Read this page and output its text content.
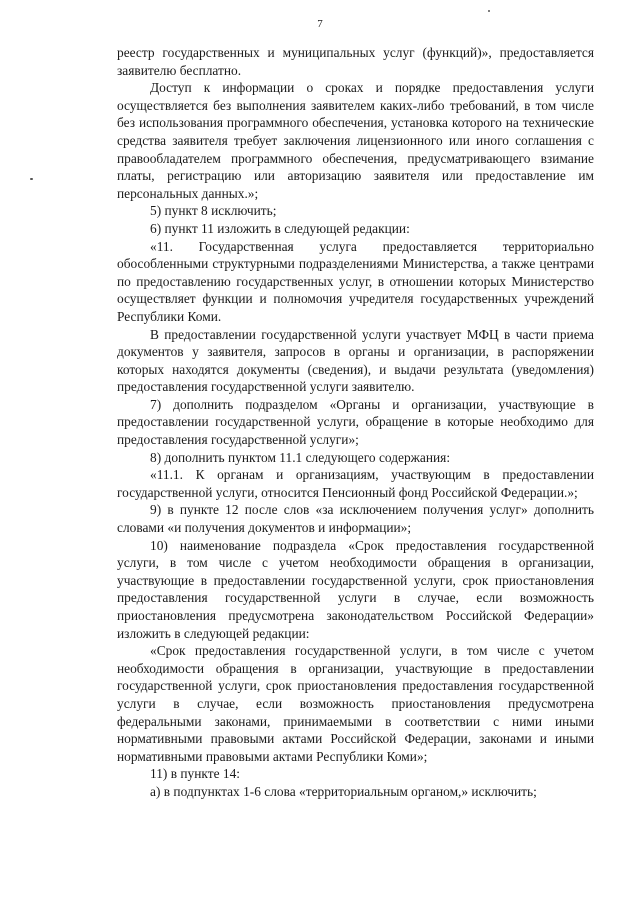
7

реестр государственных и муниципальных услуг (функций)», предоставляется заявителю бесплатно.

Доступ к информации о сроках и порядке предоставления услуги осуществляется без выполнения заявителем каких-либо требований, в том числе без использования программного обеспечения, установка которого на технические средства заявителя требует заключения лицензионного или иного соглашения с правообладателем программного обеспечения, предусматривающего взимание платы, регистрацию или авторизацию заявителя или предоставление им персональных данных.»;

5) пункт 8 исключить;

6) пункт 11 изложить в следующей редакции:

«11. Государственная услуга предоставляется территориально обособленными структурными подразделениями Министерства, а также центрами по предоставлению государственных услуг, в отношении которых Министерство осуществляет функции и полномочия учредителя государственных учреждений Республики Коми.

В предоставлении государственной услуги участвует МФЦ в части приема документов у заявителя, запросов в органы и организации, в распоряжении которых находятся документы (сведения), и выдачи результата (уведомления) предоставления государственной услуги заявителю.

7) дополнить подразделом «Органы и организации, участвующие в предоставлении государственной услуги, обращение в которые необходимо для предоставления государственной услуги»;

8) дополнить пунктом 11.1 следующего содержания:

«11.1. К органам и организациям, участвующим в предоставлении государственной услуги, относится Пенсионный фонд Российской Федерации.»;

9) в пункте 12 после слов «за исключением получения услуг» дополнить словами «и получения документов и информации»;

10) наименование подраздела «Срок предоставления государственной услуги, в том числе с учетом необходимости обращения в организации, участвующие в предоставлении государственной услуги, срок приостановления предоставления государственной услуги в случае, если возможность приостановления предусмотрена законодательством Российской Федерации» изложить в следующей редакции:

«Срок предоставления государственной услуги, в том числе с учетом необходимости обращения в организации, участвующие в предоставлении государственной услуги, срок приостановления предоставления государственной услуги в случае, если возможность приостановления предусмотрена федеральными законами, принимаемыми в соответствии с ними иными нормативными правовыми актами Российской Федерации, законами и иными нормативными правовыми актами Республики Коми»;

11) в пункте 14:

а) в подпунктах 1-6 слова «территориальным органом,» исключить;
